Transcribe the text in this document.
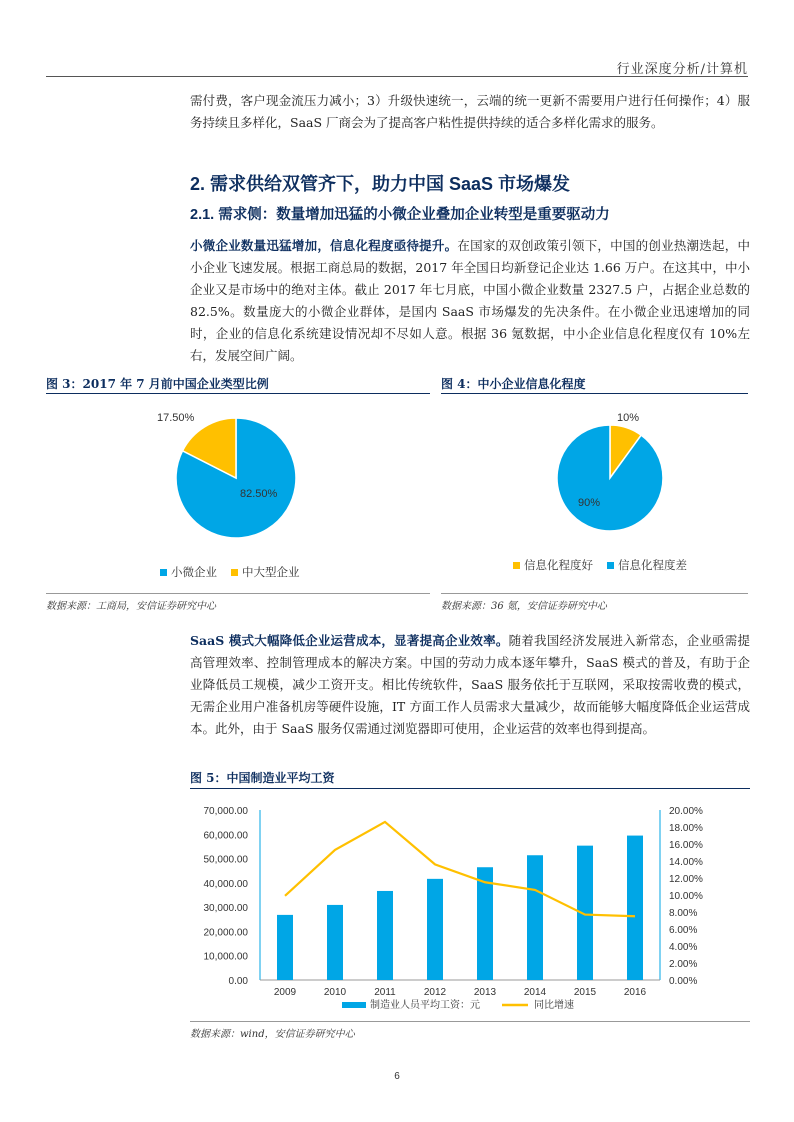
行业深度分析/计算机

需付费，客户现金流压力减小；3）升级快速统一，云端的统一更新不需要用户进行任何操作；4）服务持续且多样化，SaaS 厂商会为了提高客户粘性提供持续的适合多样化需求的服务。

2. 需求供给双管齐下，助力中国 SaaS 市场爆发
2.1. 需求侧：数量增加迅猛的小微企业叠加企业转型是重要驱动力

小微企业数量迅猛增加，信息化程度亟待提升。在国家的双创政策引领下，中国的创业热潮迭起，中小企业飞速发展。根据工商总局的数据，2017 年全国日均新登记企业达 1.66 万户。在这其中，中小企业又是市场中的绝对主体。截止 2017 年七月底，中国小微企业数量 2327.5 户，占据企业总数的 82.5%。数量庞大的小微企业群体，是国内 SaaS 市场爆发的先决条件。在小微企业迅速增加的同时，企业的信息化系统建设情况却不尽如人意。根据 36 氪数据，中小企业信息化程度仅有 10%左右，发展空间广阔。

图 3：2017 年 7 月前中国企业类型比例
17.50%
82.50%
小微企业	中大型企业
数据来源：工商局，安信证券研究中心
图 4：中小企业信息化程度
10%
90%
信息化程度好	信息化程度差
数据来源：36 氪，安信证券研究中心

SaaS 模式大幅降低企业运营成本，显著提高企业效率。随着我国经济发展进入新常态，企业亟需提高管理效率、控制管理成本的解决方案。中国的劳动力成本逐年攀升，SaaS 模式的普及，有助于企业降低员工规模，减少工资开支。相比传统软件，SaaS 服务依托于互联网，采取按需收费的模式，无需企业用户准备机房等硬件设施，IT 方面工作人员需求大量减少，故而能够大幅度降低企业运营成本。此外，由于 SaaS 服务仅需通过浏览器即可使用，企业运营的效率也得到提高。

图 5：中国制造业平均工资
0.00
10,000.00
20,000.00
30,000.00
40,000.00
50,000.00
60,000.00
70,000.00
0.00%
2.00%
4.00%
6.00%
8.00%
10.00%
12.00%
14.00%
16.00%
18.00%
20.00%
2009	2010	2011	2012	2013	2014	2015	2016
制造业人员平均工资：元	同比增速
数据来源：wind，安信证券研究中心
6
